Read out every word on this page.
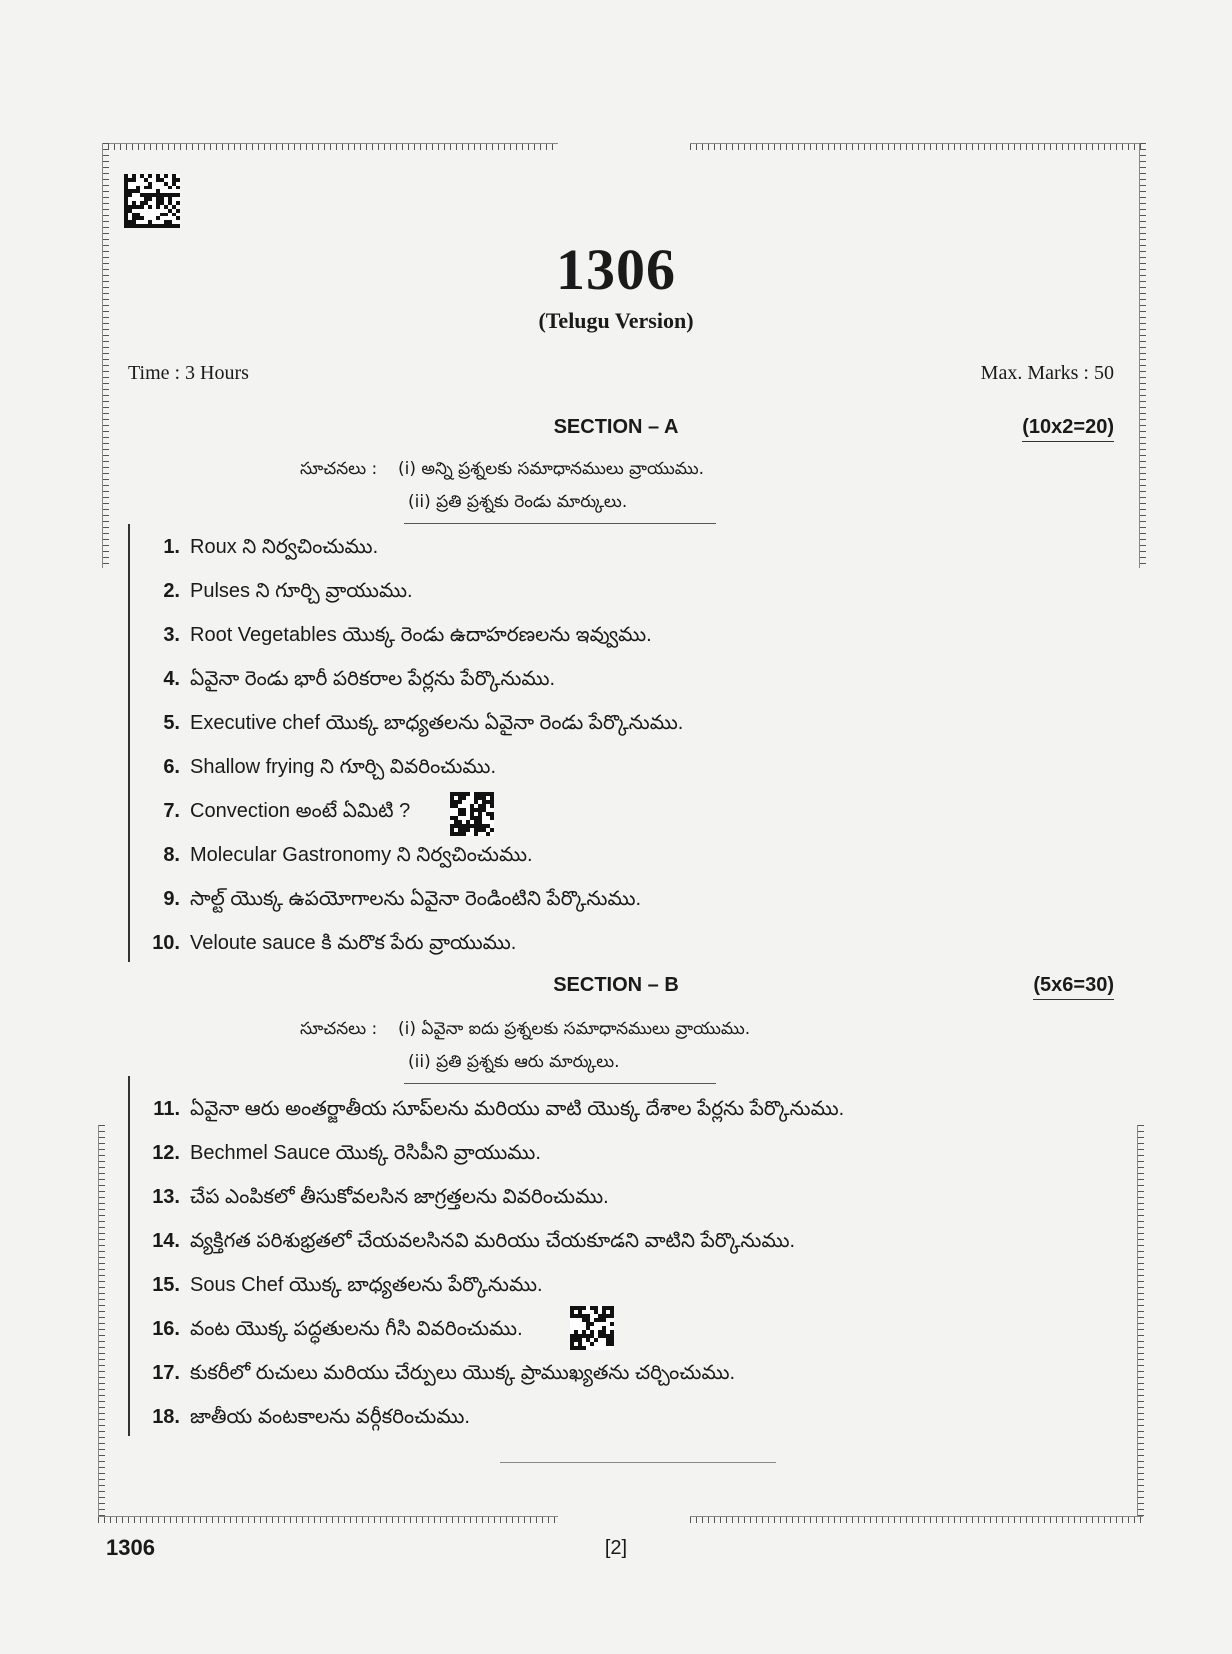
1306
(Telugu Version)
Time : 3 Hours	Max. Marks : 50
SECTION – A	(10x2=20)
సూచనలు : (i) అన్ని ప్రశ్నలకు సమాధానములు వ్రాయుము.
(ii) ప్రతి ప్రశ్నకు రెండు మార్కులు.
1. Roux ని నిర్వచించుము.
2. Pulses ని గూర్చి వ్రాయుము.
3. Root Vegetables యొక్క రెండు ఉదాహరణలను ఇవ్వుము.
4. ఏవైనా రెండు భారీ పరికరాల పేర్లను పేర్కొనుము.
5. Executive chef యొక్క బాధ్యతలను ఏవైనా రెండు పేర్కొనుము.
6. Shallow frying ని గూర్చి వివరించుము.
7. Convection అంటే ఏమిటి ?
8. Molecular Gastronomy ని నిర్వచించుము.
9. సాల్ట్ యొక్క ఉపయోగాలను ఏవైనా రెండింటిని పేర్కొనుము.
10. Veloute sauce కి మరొక పేరు వ్రాయుము.
SECTION – B	(5x6=30)
సూచనలు : (i) ఏవైనా ఐదు ప్రశ్నలకు సమాధానములు వ్రాయుము.
(ii) ప్రతి ప్రశ్నకు ఆరు మార్కులు.
11. ఏవైనా ఆరు అంతర్జాతీయ సూప్‌లను మరియు వాటి యొక్క దేశాల పేర్లను పేర్కొనుము.
12. Bechmel Sauce యొక్క రెసిపీని వ్రాయుము.
13. చేప ఎంపికలో తీసుకోవలసిన జాగ్రత్తలను వివరించుము.
14. వ్యక్తిగత పరిశుభ్రతలో చేయవలసినవి మరియు చేయకూడని వాటిని పేర్కొనుము.
15. Sous Chef యొక్క బాధ్యతలను పేర్కొనుము.
16. వంట యొక్క పద్ధతులను గీసి వివరించుము.
17. కుకరీలో రుచులు మరియు చేర్పులు యొక్క ప్రాముఖ్యతను చర్చించుము.
18. జాతీయ వంటకాలను వర్గీకరించుము.
1306	[2]
